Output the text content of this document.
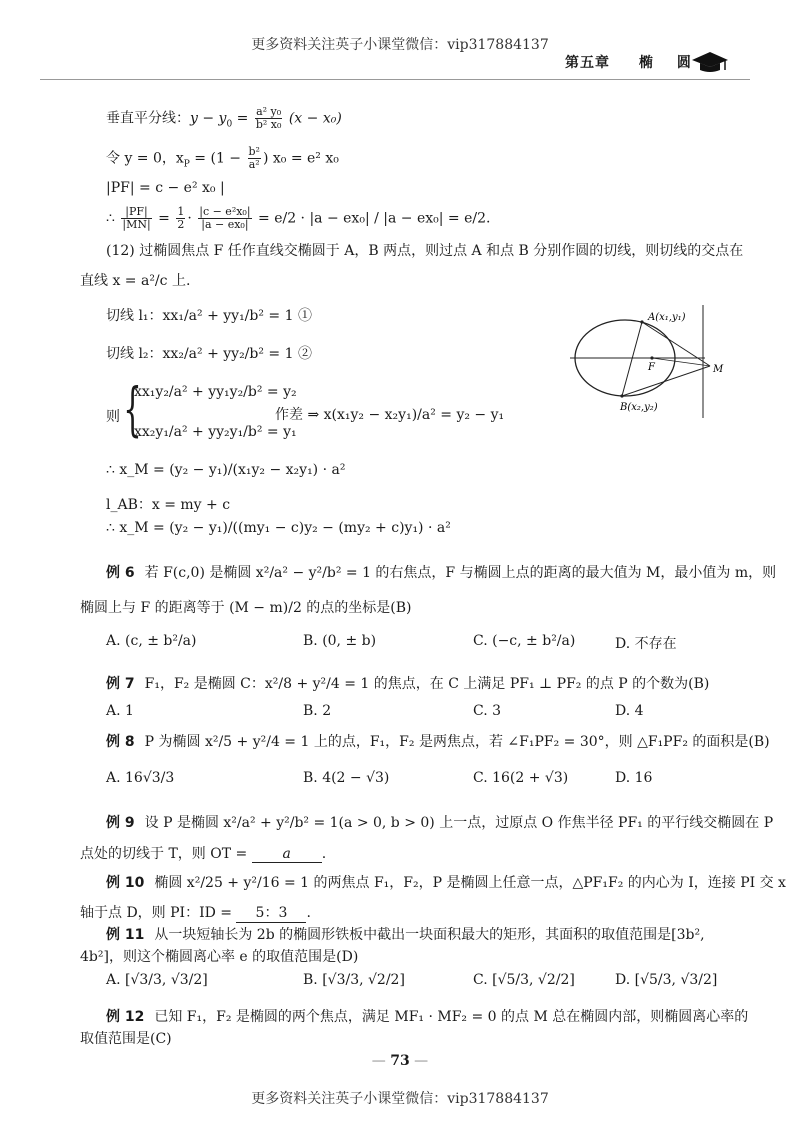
更多资料关注英子小课堂微信：vip317884137
第五章 椭 圆
垂直平分线：$y - y_0 = \frac{\text{a² y₀}}{\text{b² x₀}} (x - x_0)$
令 y = 0，$x_P = (1 - \frac{\text{b²}}{\text{a²}}$ ) x₀ = e² x₀
|PF| = c − e² x₀ |
∴ $\frac{|PF|}{|MN|} = \frac{1}{2} \cdot \frac{\text{|c − e²x₀|}}{\text{|a − ex₀|}} = e/2 \cdot |a - ex_0| / |a - ex_0| = e/2$.
(12) 过椭圆焦点 F 任作直线交椭圆于 A，B 两点，则过点 A 和点 B 分别作圆的切线，则切线的交点在
直线 x = a²/c 上.
切线 l₁：xx₁/a² + yy₁/b² = 1 ①
切线 l₂：xx₂/a² + yy₂/b² = 1 ②
则 {
xx₁y₂/a² + yy₁y₂/b² = y₂
xx₂y₁/a² + yy₂y₁/b² = y₁
作差 ⇒ x(x₁y₂ − x₂y₁)/a² = y₂ − y₁
∴ x_M = (y₂ − y₁)/(x₁y₂ − x₂y₁) · a²
l_AB：x = my + c
∴ x_M = (y₂ − y₁)/((my₁ − c)y₂ − (my₂ + c)y₁) · a²
A(x₁,y₁)
B(x₂,y₂)
F	M
例 6 若 F(c,0) 是椭圆 x²/a² − y²/b² = 1 的右焦点，F 与椭圆上点的距离的最大值为 M，最小值为 m，则
椭圆上与 F 的距离等于 (M − m)/2 的点的坐标是(B)
A. (c, ± b²/a)	B. (0, ± b)	C. (−c, ± b²/a)	D. 不存在
例 7 F₁，F₂ 是椭圆 C：x²/8 + y²/4 = 1 的焦点，在 C 上满足 PF₁ ⊥ PF₂ 的点 P 的个数为(B)
A. 1	B. 2	C. 3	D. 4
例 8 P 为椭圆 x²/5 + y²/4 = 1 上的点，F₁，F₂ 是两焦点，若 ∠F₁PF₂ = 30°，则 △F₁PF₂ 的面积是(B)
A. 16√3/3	B. 4(2 − √3)	C. 16(2 + √3)	D. 16
例 9 设 P 是椭圆 x²/a² + y²/b² = 1(a > 0, b > 0) 上一点，过原点 O 作焦半径 PF₁ 的平行线交椭圆在 P
点处的切线于 T，则 OT =	a .
例 10 椭圆 x²/25 + y²/16 = 1 的两焦点 F₁，F₂，P 是椭圆上任意一点，△PF₁F₂ 的内心为 I，连接 PI 交 x
轴于点 D，则 PI：ID = 5：3 .
例 11 从一块短轴长为 2b 的椭圆形铁板中截出一块面积最大的矩形，其面积的取值范围是[3b²,
4b²]，则这个椭圆离心率 e 的取值范围是(D)
A. [√3/3, √3/2]	B. [√3/3, √2/2]	C. [√5/3, √2/2]	D. [√5/3, √3/2]
例 12 已知 F₁，F₂ 是椭圆的两个焦点，满足 MF₁ · MF₂ = 0 的点 M 总在椭圆内部，则椭圆离心率的
取值范围是(C)
— 73 —
更多资料关注英子小课堂微信：vip317884137
